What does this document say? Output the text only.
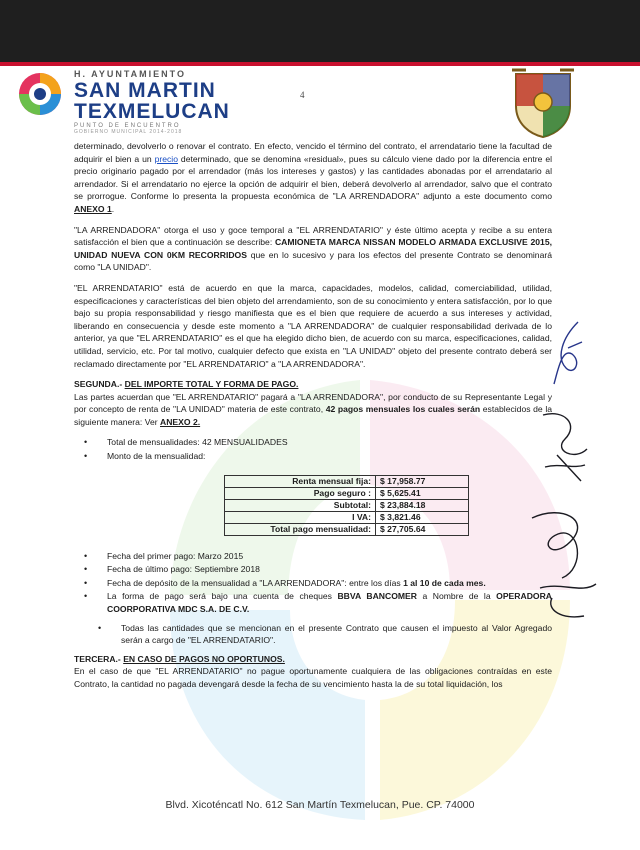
H. AYUNTAMIENTO
SAN MARTIN
TEXMELUCAN
PUNTO DE ENCUENTRO
GOBIERNO MUNICIPAL 2014-2018
4

determinado, devolverlo o renovar el contrato. En efecto, vencido el término del contrato, el arrendatario tiene la facultad de adquirir el bien a un precio determinado, que se denomina «residual», pues su cálculo viene dado por la diferencia entre el precio originario pagado por el arrendador (más los intereses y gastos) y las cantidades abonadas por el arrendatario al arrendador. Si el arrendatario no ejerce la opción de adquirir el bien, deberá devolverlo al arrendador, salvo que el contrato se prorrogue. Conforme lo presenta la propuesta económica de "LA ARRENDADORA" adjunto a este documento como ANEXO 1.

"LA ARRENDADORA" otorga el uso y goce temporal a "EL ARRENDATARIO" y éste último acepta y recibe a su entera satisfacción el bien que a continuación se describe: CAMIONETA MARCA NISSAN MODELO ARMADA EXCLUSIVE 2015, UNIDAD NUEVA CON 0KM RECORRIDOS que en lo sucesivo y para los efectos del presente Contrato se denominará como "LA UNIDAD".

"EL ARRENDATARIO" está de acuerdo en que la marca, capacidades, modelos, calidad, comerciabilidad, utilidad, especificaciones y características del bien objeto del arrendamiento, son de su conocimiento y entera satisfacción, por lo que bajo su propia responsabilidad y riesgo manifiesta que es el bien que requiere de acuerdo a sus intereses y actividad, liberando en consecuencia y desde este momento a "LA ARRENDADORA" de cualquier responsabilidad derivada de lo anterior, ya que "EL ARRENDATARIO" es el que ha elegido dicho bien, de acuerdo con su marca, especificaciones, calidad, utilidad, servicio, etc. Por tal motivo, cualquier defecto que exista en "LA UNIDAD" objeto del presente contrato deberá ser reclamado directamente por "EL ARRENDATARIO" a "LA ARRENDADORA".

SEGUNDA.- DEL IMPORTE TOTAL Y FORMA DE PAGO.

Las partes acuerdan que "EL ARRENDATARIO" pagará a "LA ARRENDADORA", por conducto de su Representante Legal y por concepto de renta de "LA UNIDAD" materia de este contrato, 42 pagos mensuales los cuales serán establecidos de la siguiente manera: Ver ANEXO 2.

• Total de mensualidades: 42 MENSUALIDADES
• Monto de la mensualidad:
Renta mensual fija:	$ 17,958.77
Pago seguro :	$ 5,625.41
Subtotal:	$ 23,884.18
I VA:	$ 3,821.46
Total pago mensualidad:	$ 27,705.64
• Fecha del primer pago: Marzo 2015
• Fecha de último pago: Septiembre 2018
• Fecha de depósito de la mensualidad a "LA ARRENDADORA": entre los días 1 al 10 de cada mes.
• La forma de pago será bajo una cuenta de cheques BBVA BANCOMER a Nombre de la OPERADORA COORPORATIVA MDC S.A. DE C.V.
• Todas las cantidades que se mencionan en el presente Contrato que causen el impuesto al Valor Agregado serán a cargo de "EL ARRENDATARIO".
TERCERA.- EN CASO DE PAGOS NO OPORTUNOS.

En el caso de que "EL ARRENDATARIO" no pague oportunamente cualquiera de las obligaciones contraídas en este Contrato, la cantidad no pagada devengará desde la fecha de su vencimiento hasta la de su total liquidación, los

Blvd. Xicoténcatl No. 612 San Martín Texmelucan, Pue. CP. 74000
